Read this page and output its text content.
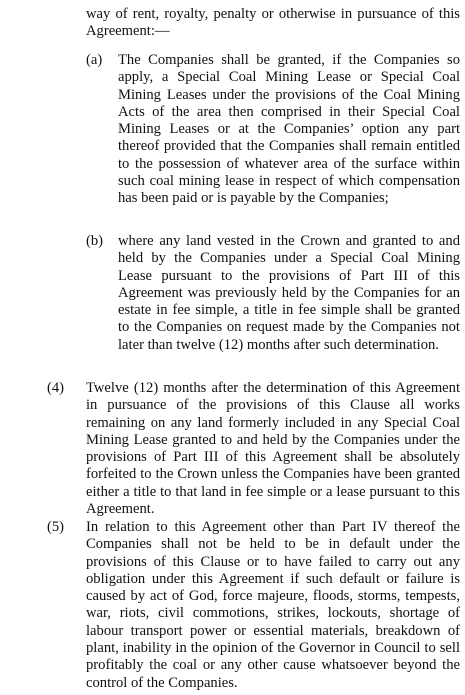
way of rent, royalty, penalty or otherwise in pursuance of this Agreement:—

(a) The Companies shall be granted, if the Companies so apply, a Special Coal Mining Lease or Special Coal Mining Leases under the provisions of the Coal Mining Acts of the area then comprised in their Special Coal Mining Leases or at the Companies’ option any part thereof provided that the Companies shall remain entitled to the possession of whatever area of the surface within such coal mining lease in respect of which compensation has been paid or is payable by the Companies;

(b) where any land vested in the Crown and granted to and held by the Companies under a Special Coal Mining Lease pursuant to the provisions of Part III of this Agreement was previously held by the Companies for an estate in fee simple, a title in fee simple shall be granted to the Companies on request made by the Companies not later than twelve (12) months after such determination.

(4) Twelve (12) months after the determination of this Agreement in pursuance of the provisions of this Clause all works remaining on any land formerly included in any Special Coal Mining Lease granted to and held by the Companies under the provisions of Part III of this Agreement shall be absolutely forfeited to the Crown unless the Companies have been granted either a title to that land in fee simple or a lease pursuant to this Agreement.

(5) In relation to this Agreement other than Part IV thereof the Companies shall not be held to be in default under the provisions of this Clause or to have failed to carry out any obligation under this Agreement if such default or failure is caused by act of God, force majeure, floods, storms, tempests, war, riots, civil commotions, strikes, lockouts, shortage of labour transport power or essential materials, breakdown of plant, inability in the opinion of the Governor in Council to sell profitably the coal or any other cause whatsoever beyond the control of the Companies.
